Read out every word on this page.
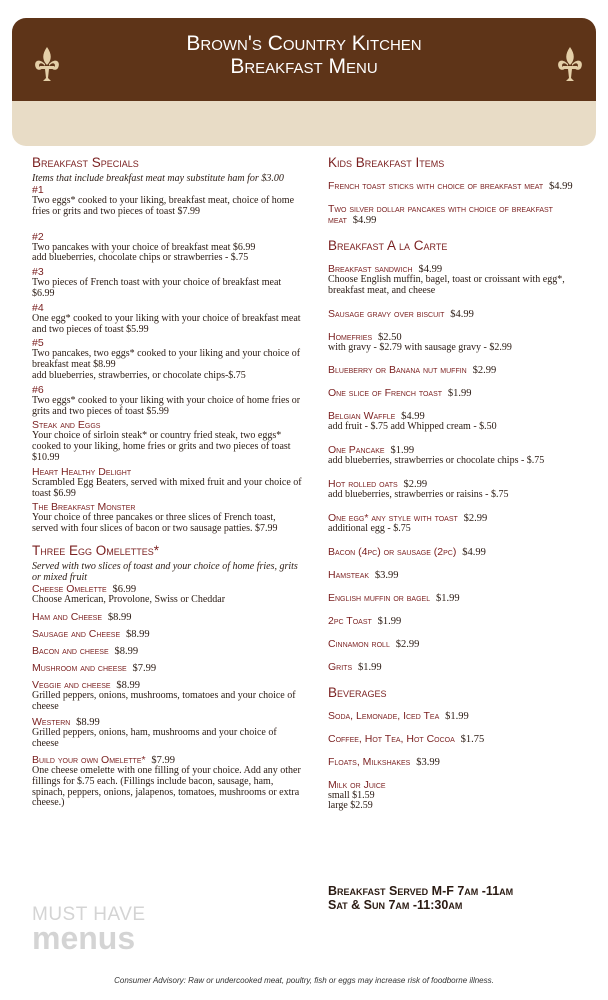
Brown's Country Kitchen
Breakfast Menu
Breakfast Specials
Items that include breakfast meat may substitute ham for $3.00
#1
Two eggs* cooked to your liking, breakfast meat, choice of home fries or grits and two pieces of toast $7.99
#2
Two pancakes with your choice of breakfast meat $6.99
add blueberries, chocolate chips or strawberries - $.75
#3
Two pieces of French toast with your choice of breakfast meat $6.99
#4
One egg* cooked to your liking with your choice of breakfast meat and two pieces of toast $5.99
#5
Two pancakes, two eggs* cooked to your liking and your choice of breakfast meat $8.99
add blueberries, strawberries, or chocolate chips-$.75
#6
Two eggs* cooked to your liking with your choice of home fries or grits and two pieces of toast $5.99
Steak and Eggs
Your choice of sirloin steak* or country fried steak, two eggs* cooked to your liking, home fries or grits and two pieces of toast $10.99
Heart Healthy Delight
Scrambled Egg Beaters, served with mixed fruit and your choice of toast $6.99
The Breakfast Monster
Your choice of three pancakes or three slices of French toast, served with four slices of bacon or two sausage patties. $7.99
Three Egg Omelettes*
Served with two slices of toast and your choice of home fries, grits or mixed fruit
Cheese Omelette $6.99
Choose American, Provolone, Swiss or Cheddar
Ham and Cheese $8.99
Sausage and Cheese $8.99
Bacon and cheese $8.99
Mushroom and cheese $7.99
Veggie and cheese $8.99
Grilled peppers, onions, mushrooms, tomatoes and your choice of cheese
Western $8.99
Grilled peppers, onions, ham, mushrooms and your choice of cheese
Build your own Omelette* $7.99
One cheese omelette with one filling of your choice. Add any other fillings for $.75 each. (Fillings include bacon, sausage, ham, spinach, peppers, onions, jalapenos, tomatoes, mushrooms or extra cheese.)
Kids Breakfast Items
French toast sticks with choice of breakfast meat $4.99
Two silver dollar pancakes with choice of breakfast meat $4.99
Breakfast A la Carte
Breakfast sandwich $4.99
Choose English muffin, bagel, toast or croissant with egg*, breakfast meat, and cheese
Sausage gravy over biscuit $4.99
Homefries $2.50
with gravy - $2.79 with sausage gravy - $2.99
Blueberry or Banana nut muffin $2.99
One slice of French toast $1.99
Belgian Waffle $4.99
add fruit - $.75 add Whipped cream - $.50
One Pancake $1.99
add blueberries, strawberries or chocolate chips - $.75
Hot rolled oats $2.99
add blueberries, strawberries or raisins - $.75
One egg* any style with toast $2.99
additional egg - $.75
Bacon (4pc) or sausage (2pc) $4.99
Hamsteak $3.99
English muffin or bagel $1.99
2pc Toast $1.99
Cinnamon roll $2.99
Grits $1.99
Beverages
Soda, Lemonade, Iced Tea $1.99
Coffee, Hot Tea, Hot Cocoa $1.75
Floats, Milkshakes $3.99
Milk or Juice
small $1.59
large $2.59
Breakfast Served M-F 7am -11am
Sat & Sun 7am -11:30am
MUST HAVE
menus
Consumer Advisory: Raw or undercooked meat, poultry, fish or eggs may increase risk of foodborne illness.
